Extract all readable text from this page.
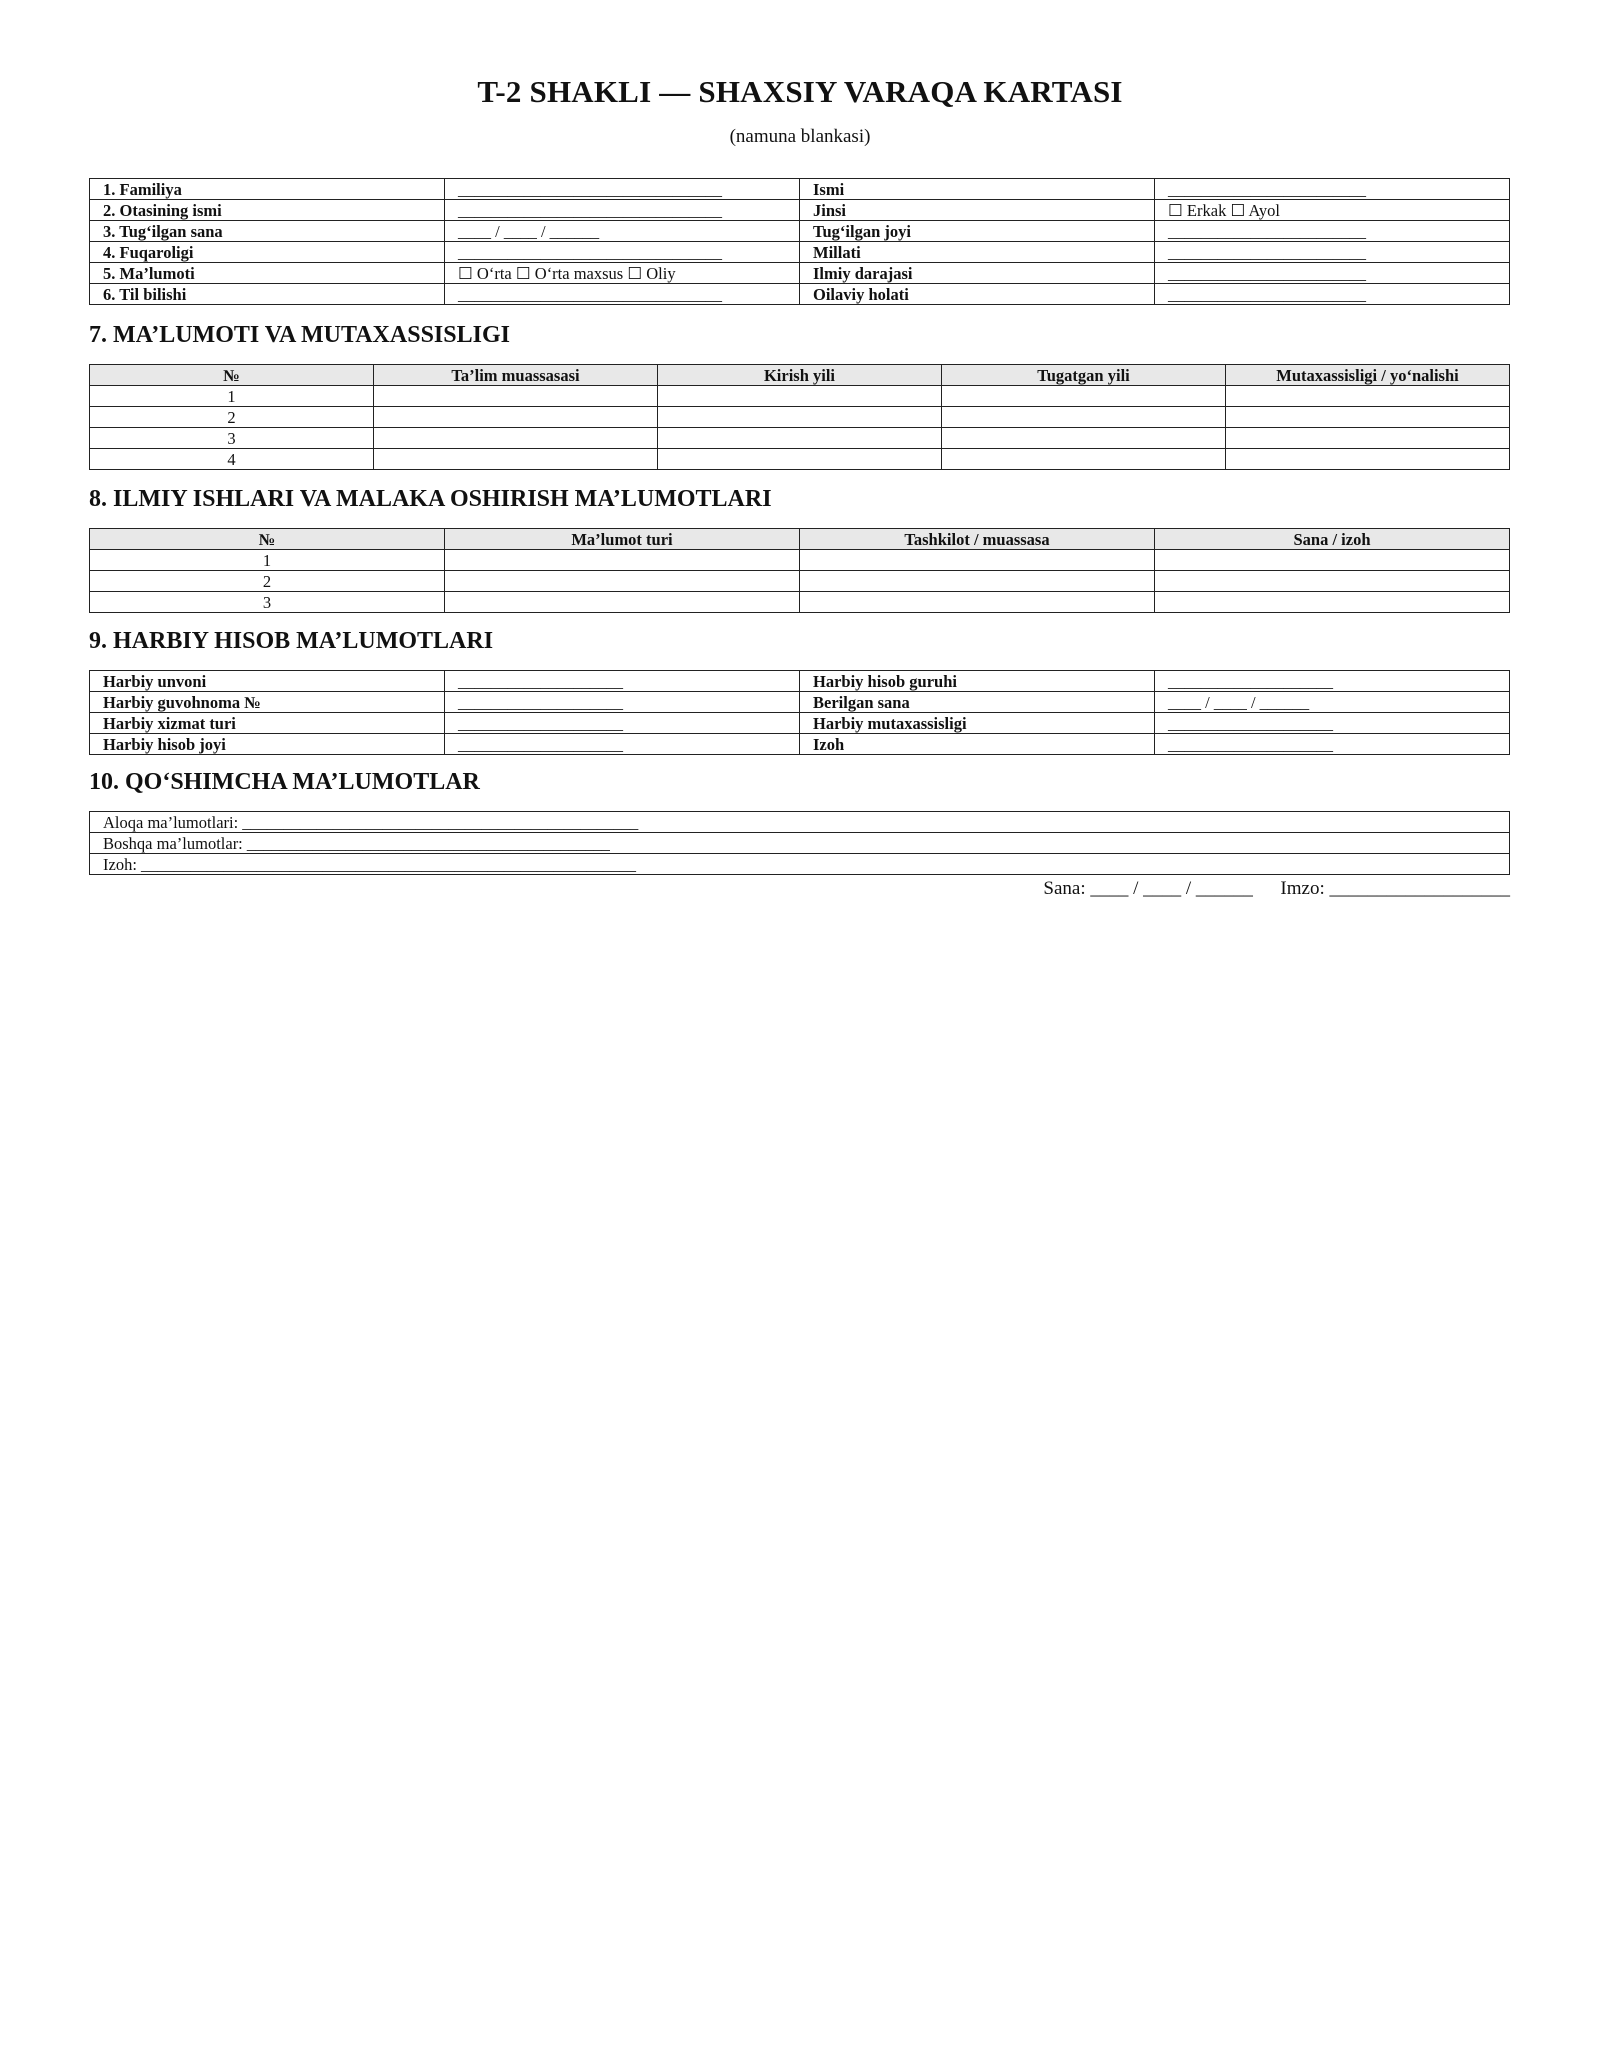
T-2 SHAKLI — SHAXSIY VARAQA KARTASI
(namuna blankasi)
1. Familiya	________________________________	Ismi	________________________
2. Otasining ismi	________________________________	Jinsi	☐ Erkak ☐ Ayol
3. Tug‘ilgan sana	____ / ____ / ______	Tug‘ilgan joyi	________________________
4. Fuqaroligi	________________________________	Millati	________________________
5. Ma’lumoti	☐ O‘rta ☐ O‘rta maxsus ☐ Oliy	Ilmiy darajasi	________________________
6. Til bilishi	________________________________	Oilaviy holati	________________________
7. MA’LUMOTI VA MUTAXASSISLIGI
№	Ta’lim muassasasi	Kirish yili	Tugatgan yili	Mutaxassisligi / yo‘nalishi
1				
2				
3				
4				
8. ILMIY ISHLARI VA MALAKA OSHIRISH MA’LUMOTLARI
№	Ma’lumot turi	Tashkilot / muassasa	Sana / izoh
1			
2			
3			
9. HARBIY HISOB MA’LUMOTLARI
Harbiy unvoni	____________________	Harbiy hisob guruhi	____________________
Harbiy guvohnoma №	____________________	Berilgan sana	____ / ____ / ______
Harbiy xizmat turi	____________________	Harbiy mutaxassisligi	____________________
Harbiy hisob joyi	____________________	Izoh	____________________
10. QO‘SHIMCHA MA’LUMOTLAR
Aloqa ma’lumotlari: ________________________________________________
Boshqa ma’lumotlar: ____________________________________________
Izoh: ____________________________________________________________
Sana: ____ / ____ / ______ Imzo: ___________________
